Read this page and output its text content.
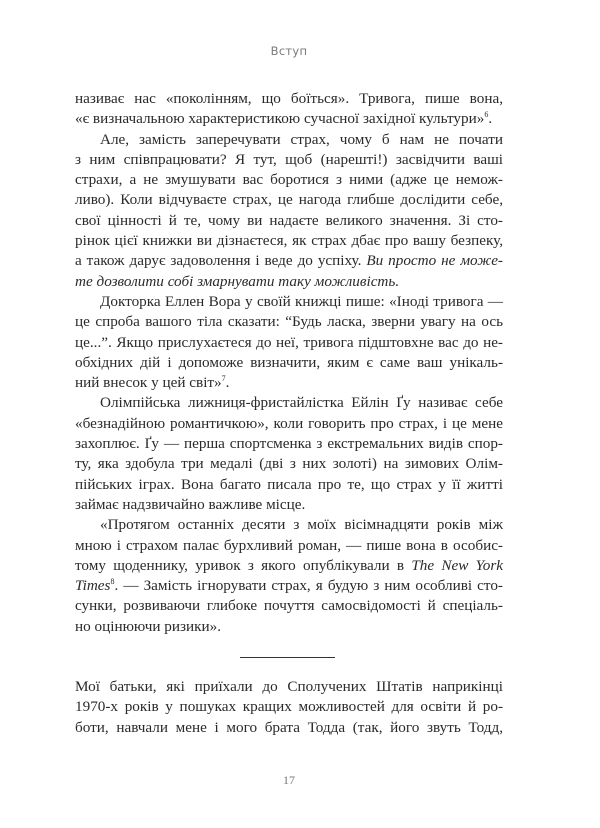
Вступ
називає нас «поколінням, що боїться». Тривога, пише вона,
«є визначальною характеристикою сучасної західної культури»$^6$.
Але, замість заперечувати страх, чому б нам не почати
з ним співпрацювати? Я тут, щоб (нарешті!) засвідчити ваші
страхи, а не змушувати вас боротися з ними (адже це немож-
ливо). Коли відчуваєте страх, це нагода глибше дослідити себе,
свої цінності й те, чому ви надаєте великого значення. Зі сто-
рінок цієї книжки ви дізнаєтеся, як страх дбає про вашу безпеку,
а також дарує задоволення і веде до успіху. Ви просто не може-
те дозволити собі змарнувати таку можливість.
Докторка Еллен Вора у своїй книжці пише: «Іноді тривога —
це спроба вашого тіла сказати: “Будь ласка, зверни увагу на ось
це...”. Якщо прислухаєтеся до неї, тривога підштовхне вас до не-
обхідних дій і допоможе визначити, яким є саме ваш унікаль-
ний внесок у цей світ»$^7$.
Олімпійська лижниця-фристайлістка Ейлін Ґу називає себе
«безнадійною романтичкою», коли говорить про страх, і це мене
захоплює. Ґу — перша спортсменка з екстремальних видів спор-
ту, яка здобула три медалі (дві з них золоті) на зимових Олім-
пійських іграх. Вона багато писала про те, що страх у її житті
займає надзвичайно важливе місце.
«Протягом останніх десяти з моїх вісімнадцяти років між
мною і страхом палає бурхливий роман, — пише вона в особис-
тому щоденнику, уривок з якого опублікували в The New York
Times$^8$. — Замість ігнорувати страх, я будую з ним особливі сто-
сунки, розвиваючи глибоке почуття самосвідомості й спеціаль-
но оцінюючи ризики».
Мої батьки, які приїхали до Сполучених Штатів наприкінці
1970-х років у пошуках кращих можливостей для освіти й ро-
боти, навчали мене і мого брата Тодда (так, його звуть Тодд,
17
